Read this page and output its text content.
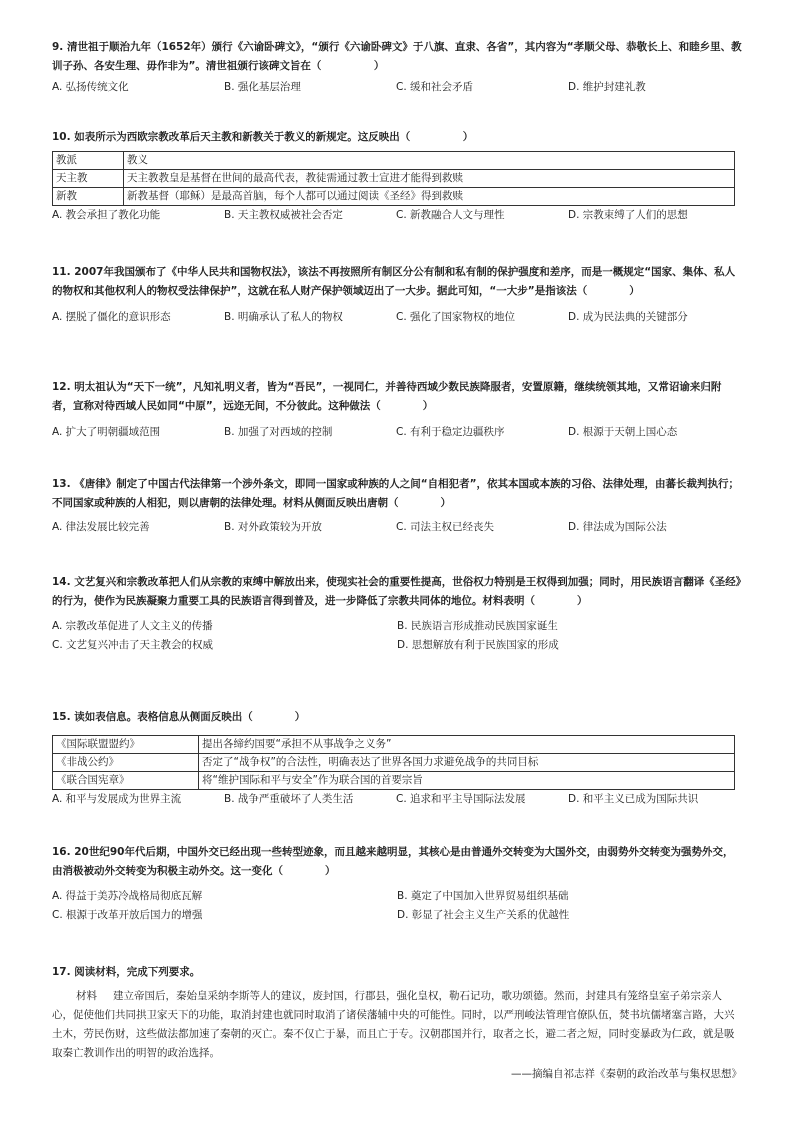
9. 清世祖于顺治九年（1652年）颁行《六谕卧碑文》，“颁行《六谕卧碑文》于八旗、直隶、各省”，其内容为“孝顺父母、恭敬长上、和睦乡里、教训子孙、各安生理、毋作非为”。清世祖颁行该碑文旨在（　　　　　）

A. 弘扬传统文化	B. 强化基层治理	C. 缓和社会矛盾	D. 维护封建礼教

10. 如表所示为西欧宗教改革后天主教和新教关于教义的新规定。这反映出（　　　　　）

教派	教义
天主教	天主教教皇是基督在世间的最高代表，教徒需通过教士宣进才能得到救赎
新教	新教基督（耶稣）是最高首脑，每个人都可以通过阅读《圣经》得到救赎
A. 教会承担了教化功能	B. 天主教权威被社会否定	C. 新教融合人文与理性	D. 宗教束缚了人们的思想

11. 2007年我国颁布了《中华人民共和国物权法》，该法不再按照所有制区分公有制和私有制的保护强度和差序，而是一概规定“国家、集体、私人的物权和其他权利人的物权受法律保护”，这就在私人财产保护领域迈出了一大步。据此可知，“一大步”是指该法（　　　　）

A. 摆脱了僵化的意识形态	B. 明确承认了私人的物权	C. 强化了国家物权的地位	D. 成为民法典的关键部分

12. 明太祖认为“天下一统”，凡知礼明义者，皆为“吾民”，一视同仁，并善待西域少数民族降服者，安置原籍，继续统领其地，又常诏谕来归附者，宣称对待西域人民如同“中原”，远迩无间，不分彼此。这种做法（　　　　）

A. 扩大了明朝疆域范围	B. 加强了对西域的控制	C. 有利于稳定边疆秩序	D. 根源于天朝上国心态

13. 《唐律》制定了中国古代法律第一个涉外条文，即同一国家或种族的人之间“自相犯者”，依其本国或本族的习俗、法律处理，由蕃长裁判执行；不同国家或种族的人相犯，则以唐朝的法律处理。材料从侧面反映出唐朝（　　　　）

A. 律法发展比较完善	B. 对外政策较为开放	C. 司法主权已经丧失	D. 律法成为国际公法

14. 文艺复兴和宗教改革把人们从宗教的束缚中解放出来，使现实社会的重要性提高，世俗权力特别是王权得到加强；同时，用民族语言翻译《圣经》的行为，使作为民族凝聚力重要工具的民族语言得到普及，进一步降低了宗教共同体的地位。材料表明（　　　　）

A. 宗教改革促进了人文主义的传播	B. 民族语言形成推动民族国家诞生
C. 文艺复兴冲击了天主教会的权威	D. 思想解放有利于民族国家的形成

15. 读如表信息。表格信息从侧面反映出（　　　　）

《国际联盟盟约》	提出各缔约国要“承担不从事战争之义务”
《非战公约》	否定了“战争权”的合法性，明确表达了世界各国力求避免战争的共同目标
《联合国宪章》	将“维护国际和平与安全”作为联合国的首要宗旨
A. 和平与发展成为世界主流	B. 战争严重破坏了人类生活	C. 追求和平主导国际法发展	D. 和平主义已成为国际共识

16. 20世纪90年代后期，中国外交已经出现一些转型迹象，而且越来越明显，其核心是由普通外交转变为大国外交，由弱势外交转变为强势外交，由消极被动外交转变为积极主动外交。这一变化（　　　　）

A. 得益于美苏冷战格局彻底瓦解	B. 奠定了中国加入世界贸易组织基础
C. 根源于改革开放后国力的增强	D. 彰显了社会主义生产关系的优越性

17. 阅读材料，完成下列要求。

材料 建立帝国后，秦始皇采纳李斯等人的建议，废封国，行郡县，强化皇权，勒石记功，歌功颂德。然而，封建具有笼络皇室子弟宗亲人心，促使他们共同拱卫家天下的功能，取消封建也就同时取消了诸侯藩辅中央的可能性。同时，以严刑峻法管理官僚队伍，焚书坑儒堵塞言路，大兴土木，劳民伤财，这些做法都加速了秦朝的灭亡。秦不仅亡于暴，而且亡于专。汉朝郡国并行，取者之长，避二者之短，同时变暴政为仁政，就是吸取秦亡教训作出的明智的政治选择。

——摘编自祁志祥《秦朝的政治改革与集权思想》
